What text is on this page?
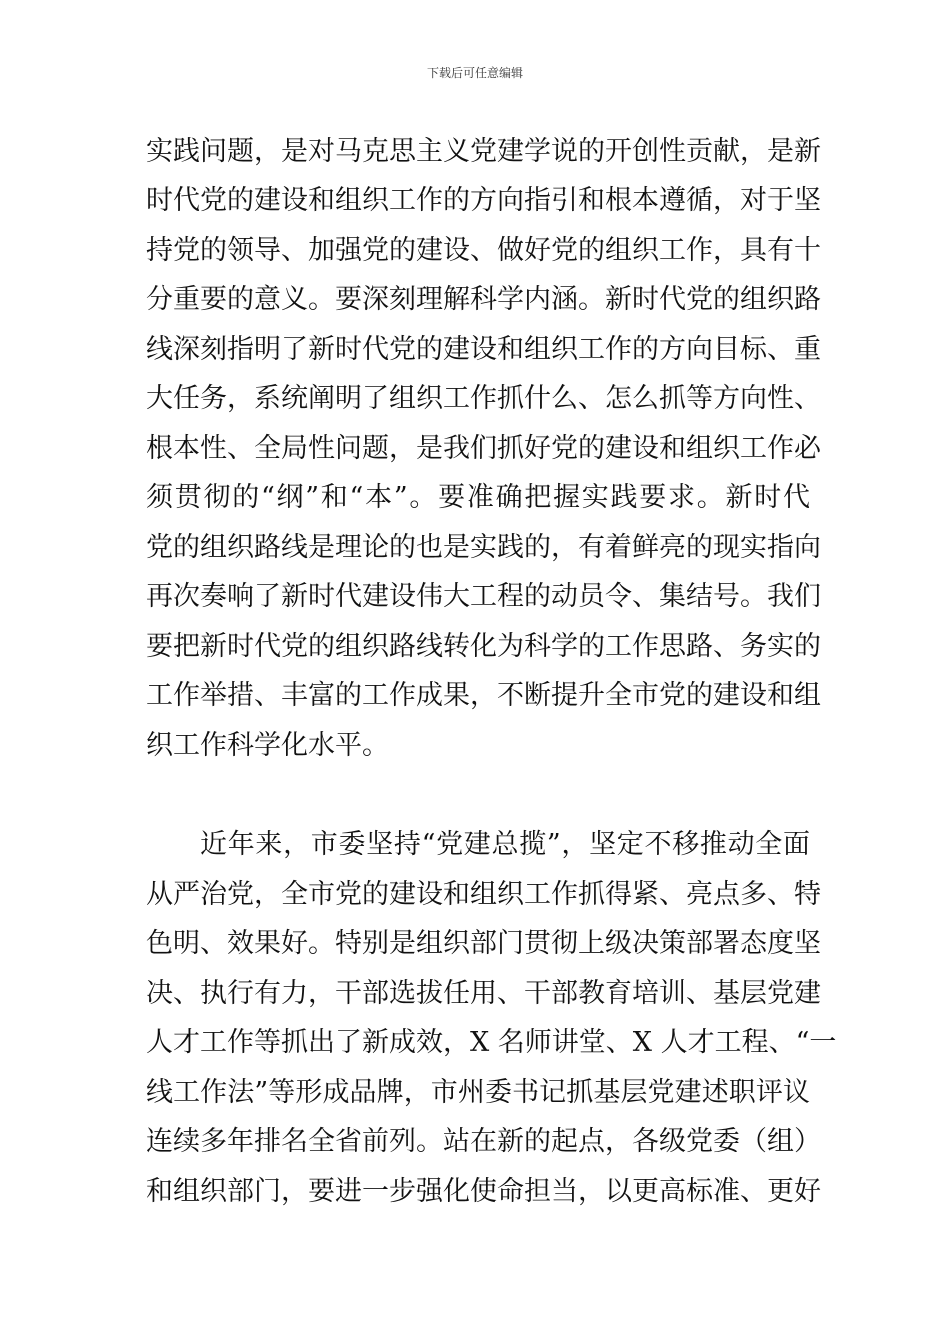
下载后可任意编辑
实践问题，是对马克思主义党建学说的开创性贡献，是新
时代党的建设和组织工作的方向指引和根本遵循，对于坚
持党的领导、加强党的建设、做好党的组织工作，具有十
分重要的意义。要深刻理解科学内涵。新时代党的组织路
线深刻指明了新时代党的建设和组织工作的方向目标、重
大任务，系统阐明了组织工作抓什么、怎么抓等方向性、
根本性、全局性问题，是我们抓好党的建设和组织工作必
须贯彻的“纲”和“本”。要准确把握实践要求。新时代
党的组织路线是理论的也是实践的，有着鲜亮的现实指向
再次奏响了新时代建设伟大工程的动员令、集结号。我们
要把新时代党的组织路线转化为科学的工作思路、务实的
工作举措、丰富的工作成果，不断提升全市党的建设和组
织工作科学化水平。
近年来，市委坚持“党建总揽”，坚定不移推动全面
从严治党，全市党的建设和组织工作抓得紧、亮点多、特
色明、效果好。特别是组织部门贯彻上级决策部署态度坚
决、执行有力，干部选拔任用、干部教育培训、基层党建
人才工作等抓出了新成效，X 名师讲堂、X 人才工程、“一
线工作法”等形成品牌，市州委书记抓基层党建述职评议
连续多年排名全省前列。站在新的起点，各级党委（组）
和组织部门，要进一步强化使命担当，以更高标准、更好
